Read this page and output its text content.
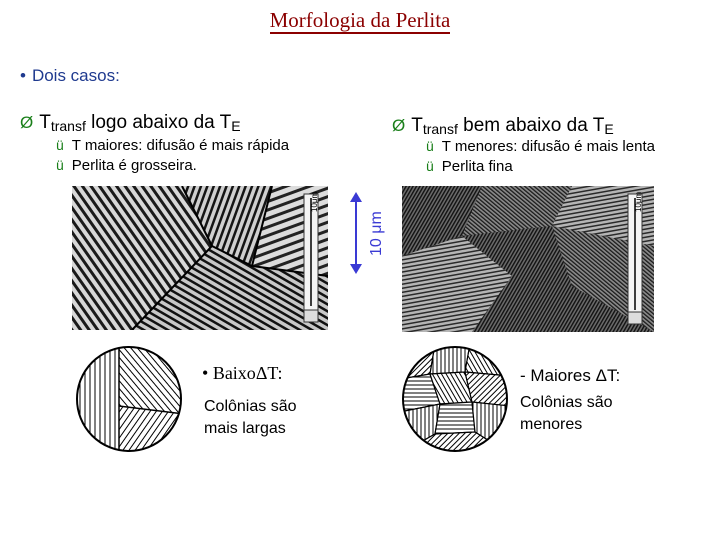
Morfologia da Perlita
• Dois casos:
Ø $T_{transf}$ logo abaixo da $T_E$
ü T maiores: difusão é mais rápida
ü Perlita é grosseira.
Ø $T_{transf}$ bem abaixo da $T_E$
ü T menores: difusão é mais lenta
ü Perlita fina
10μm
10 μm
10μm
• BaixoΔT:
Colônias são
mais largas
- Maiores ΔT:
Colônias são
menores
